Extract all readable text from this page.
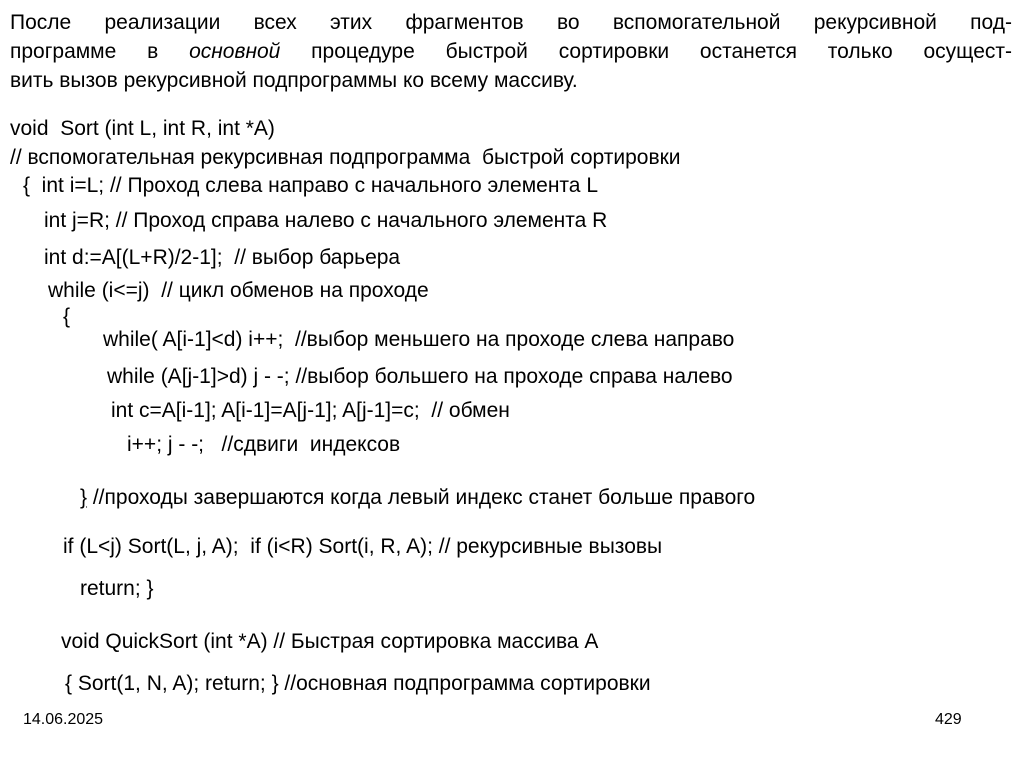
После реализации всех этих фрагментов во вспомогательной рекурсивной под-
программе в основной процедуре быстрой сортировки останется только осущест-
вить вызов рекурсивной подпрограммы ко всему массиву.
void  Sort (int L, int R, int *A)
// вспомогательная рекурсивная подпрограмма  быстрой сортировки
{  int i=L; // Проход слева направо с начального элемента L
int j=R; // Проход справа налево с начального элемента R
int d:=A[(L+R)/2-1];  // выбор барьера
while (i<=j)  // цикл обменов на проходе
{
while( A[i-1]<d) i++;  //выбор меньшего на проходе слева направо
while (A[j-1]>d) j - -; //выбор большего на проходе справа налево
int c=A[i-1]; A[i-1]=A[j-1]; A[j-1]=c;  // обмен
i++; j - -;   //сдвиги  индексов
} //проходы завершаются когда левый индекс станет больше правого
if (L<j) Sort(L, j, A);  if (i<R) Sort(i, R, A); // рекурсивные вызовы
return; }
void QuickSort (int *A) // Быстрая сортировка массива A
{ Sort(1, N, A); return; } //основная подпрограмма сортировки
14.06.2025	429
